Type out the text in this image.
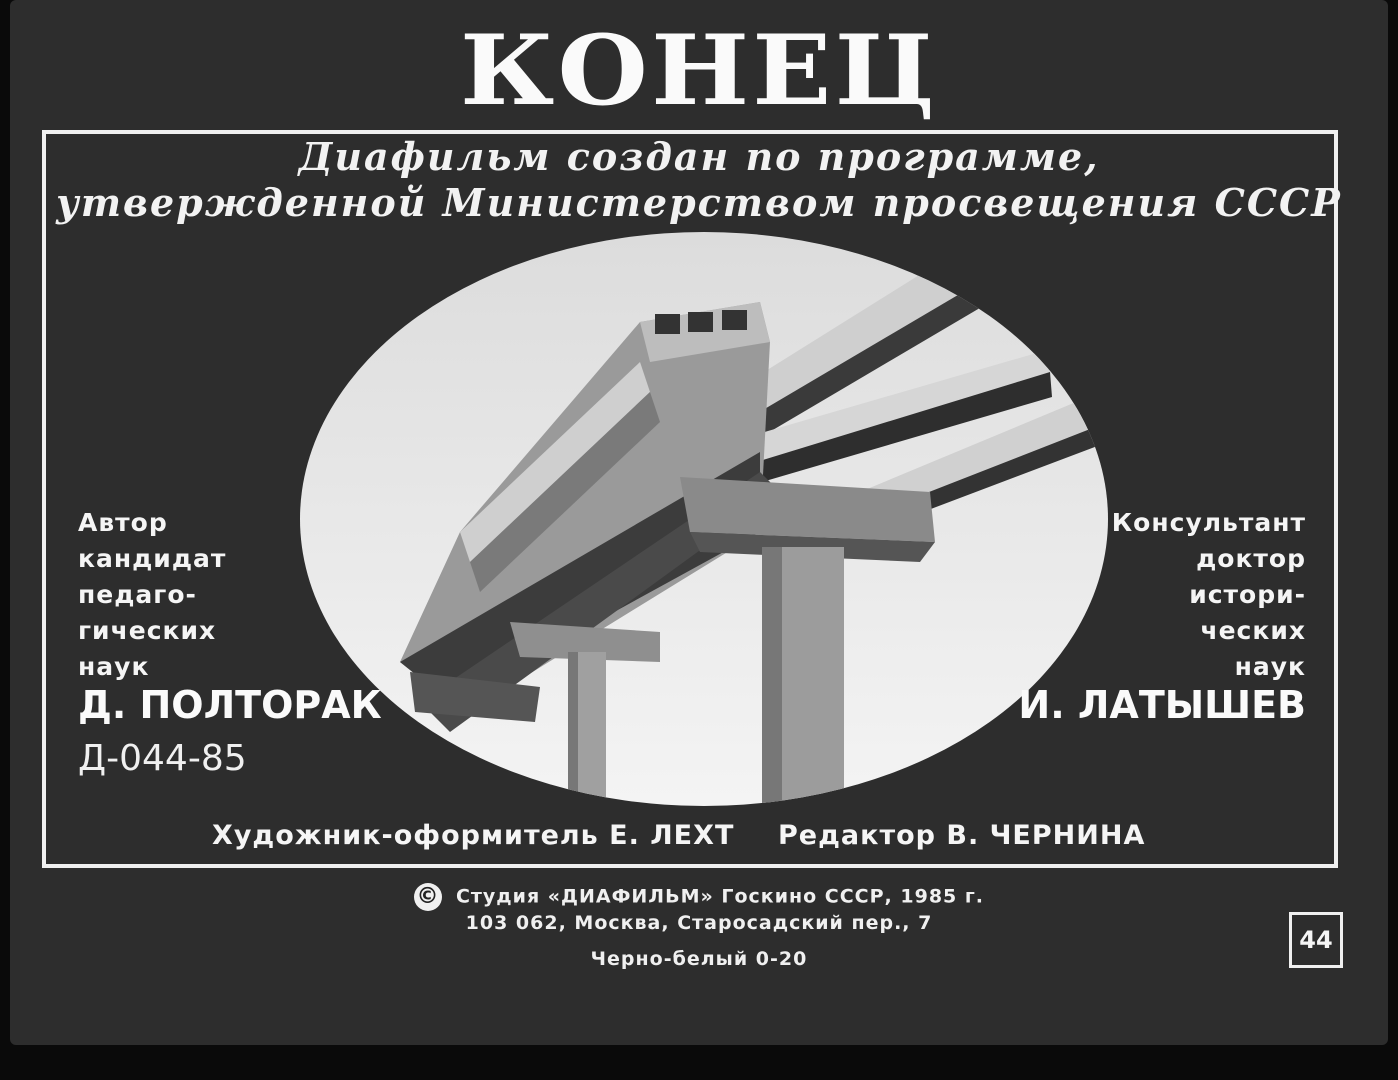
КОНЕЦ
Диафильм создан по программе,
утвержденной Министерством просвещения СССР
Автор
кандидат
педаго-
гических
наук
Консультант
доктор
истори-
ческих
наук
Д. ПОЛТОРАК	И. ЛАТЫШЕВ
Д-044-85
Художник-оформитель Е. ЛЕХТ Редактор В. ЧЕРНИНА
© Студия «ДИАФИЛЬМ» Госкино СССР, 1985 г.
103 062, Москва, Старосадский пер., 7
Черно-белый 0-20
44
